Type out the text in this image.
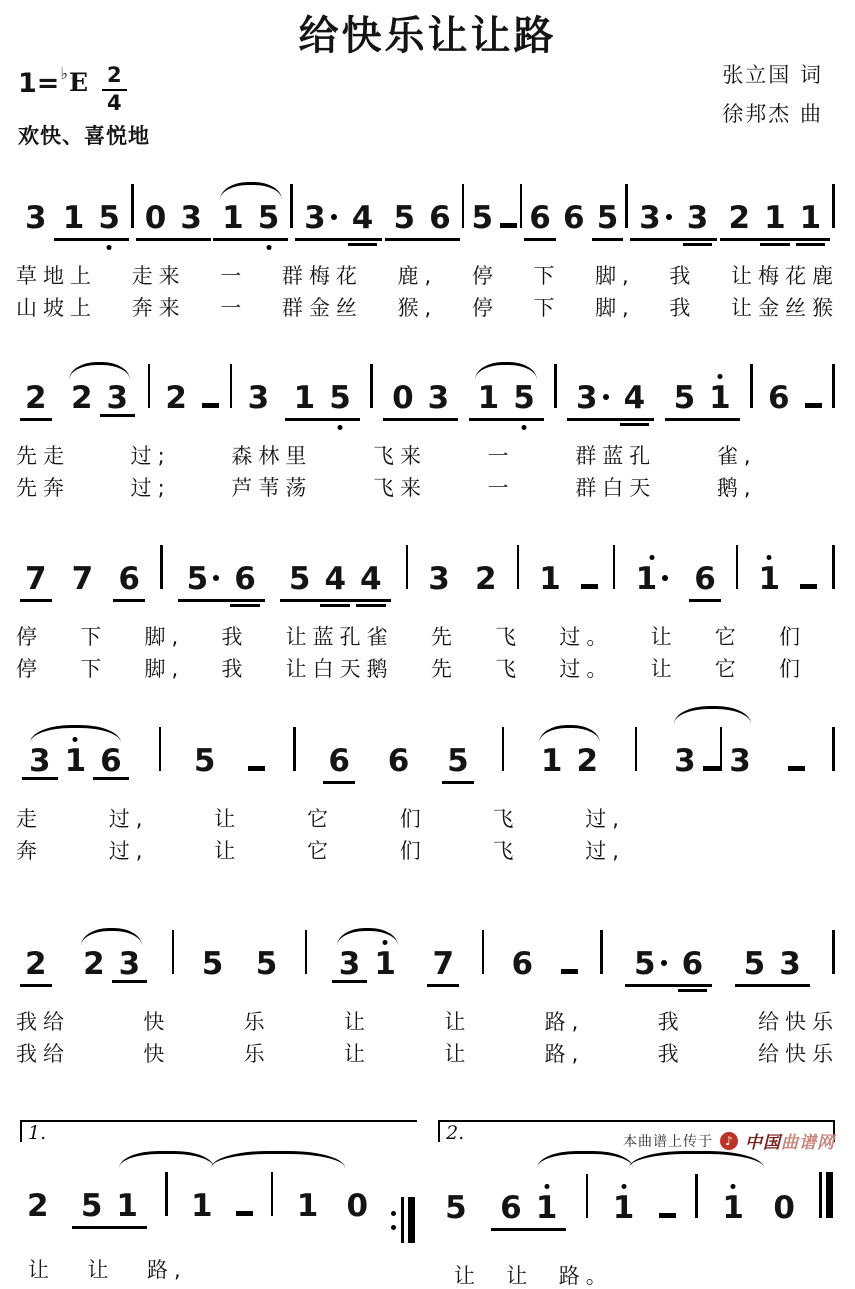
给快乐让让路
1= ♭ E $\frac{2}{4}$
欢快、喜悦地
张立国 词
徐邦杰 曲
3 1 5 0 3 1 5 3 4 5 6 5 6 6 5 3 3 2 1 1
草地上 走来 一 群梅花 鹿, 停 下 脚, 我 让梅花鹿
山坡上 奔来 一 群金丝 猴, 停 下 脚, 我 让金丝猴
2 2 3 2 3 1 5 0 3 1 5 3 4 5 1 6
先走	过;	森林里	飞来	一	群蓝孔	雀,
先奔	过;	芦苇荡	飞来	一	群白天	鹅,
7 7 6 5 6 5 4 4 3 2 1 1	6 1
停 下 脚, 我 让蓝孔雀 先 飞 过。 让 它 们
停 下 脚, 我 让白天鹅 先 飞 过。 让 它 们
3 1 6 5	6 6 5 1 2 3 3
走	过,	让	它	们	飞	过,
奔	过,	让	它	们	飞	过,
2 2 3 5 5 3 1 7 6	5 6 5 3
我给	快	乐	让	让	路,	我	给快乐
我给	快	乐	让	让	路,	我	给快乐
1.
2 5 1 1	1 0
让 让 路,
2.
5 6 1 1	1 0
让 让 路。
本曲谱上传于	♪ 中国曲谱网
